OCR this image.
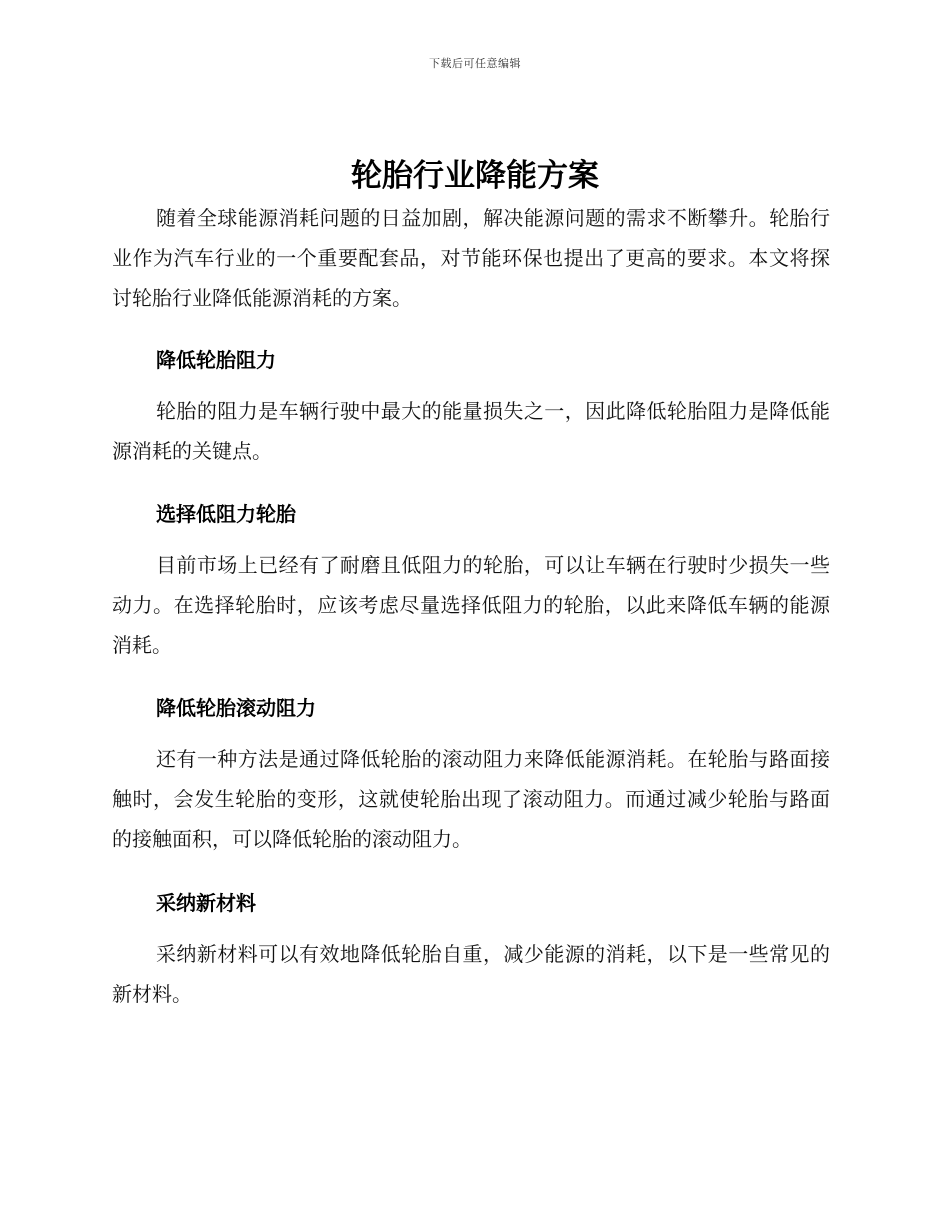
下载后可任意编辑
轮胎行业降能方案

随着全球能源消耗问题的日益加剧，解决能源问题的需求不断攀升。轮胎行业作为汽车行业的一个重要配套品，对节能环保也提出了更高的要求。本文将探讨轮胎行业降低能源消耗的方案。

降低轮胎阻力

轮胎的阻力是车辆行驶中最大的能量损失之一，因此降低轮胎阻力是降低能源消耗的关键点。

选择低阻力轮胎

目前市场上已经有了耐磨且低阻力的轮胎，可以让车辆在行驶时少损失一些动力。在选择轮胎时，应该考虑尽量选择低阻力的轮胎，以此来降低车辆的能源消耗。

降低轮胎滚动阻力

还有一种方法是通过降低轮胎的滚动阻力来降低能源消耗。在轮胎与路面接触时，会发生轮胎的变形，这就使轮胎出现了滚动阻力。而通过减少轮胎与路面的接触面积，可以降低轮胎的滚动阻力。

采纳新材料

采纳新材料可以有效地降低轮胎自重，减少能源的消耗，以下是一些常见的新材料。
